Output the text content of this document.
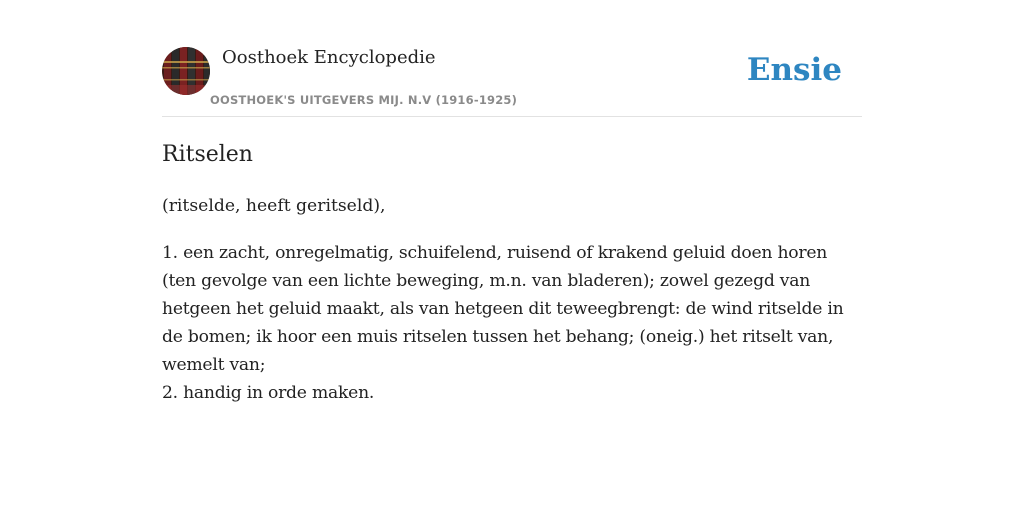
Oosthoek Encyclopedie
OOSTHOEK'S UITGEVERS MIJ. N.V (1916-1925)
Ensie
Ritselen

(ritselde, heeft geritseld),

1. een zacht, onregelmatig, schuifelend, ruisend of krakend geluid doen horen (ten gevolge van een lichte beweging, m.n. van bladeren); zowel gezegd van hetgeen het geluid maakt, als van hetgeen dit teweegbrengt: de wind ritselde in de bomen; ik hoor een muis ritselen tussen het behang; (oneig.) het ritselt van, wemelt van;
2. handig in orde maken.
